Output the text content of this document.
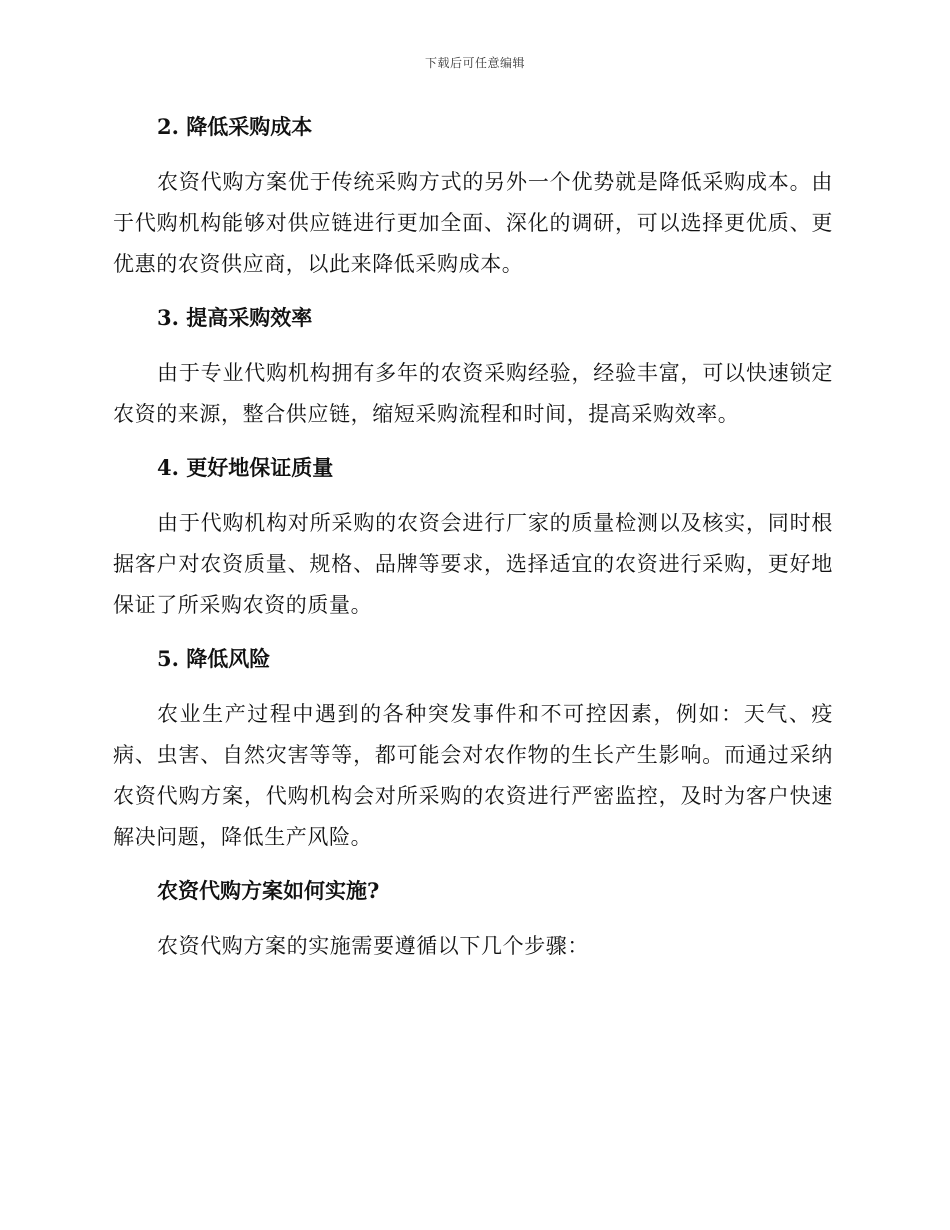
下载后可任意编辑

2. 降低采购成本

农资代购方案优于传统采购方式的另外一个优势就是降低采购成本。由于代购机构能够对供应链进行更加全面、深化的调研，可以选择更优质、更优惠的农资供应商，以此来降低采购成本。

3. 提高采购效率

由于专业代购机构拥有多年的农资采购经验，经验丰富，可以快速锁定农资的来源，整合供应链，缩短采购流程和时间，提高采购效率。

4. 更好地保证质量

由于代购机构对所采购的农资会进行厂家的质量检测以及核实，同时根据客户对农资质量、规格、品牌等要求，选择适宜的农资进行采购，更好地保证了所采购农资的质量。

5. 降低风险

农业生产过程中遇到的各种突发事件和不可控因素，例如：天气、疫病、虫害、自然灾害等等，都可能会对农作物的生长产生影响。而通过采纳农资代购方案，代购机构会对所采购的农资进行严密监控，及时为客户快速解决问题，降低生产风险。

农资代购方案如何实施?

农资代购方案的实施需要遵循以下几个步骤：
